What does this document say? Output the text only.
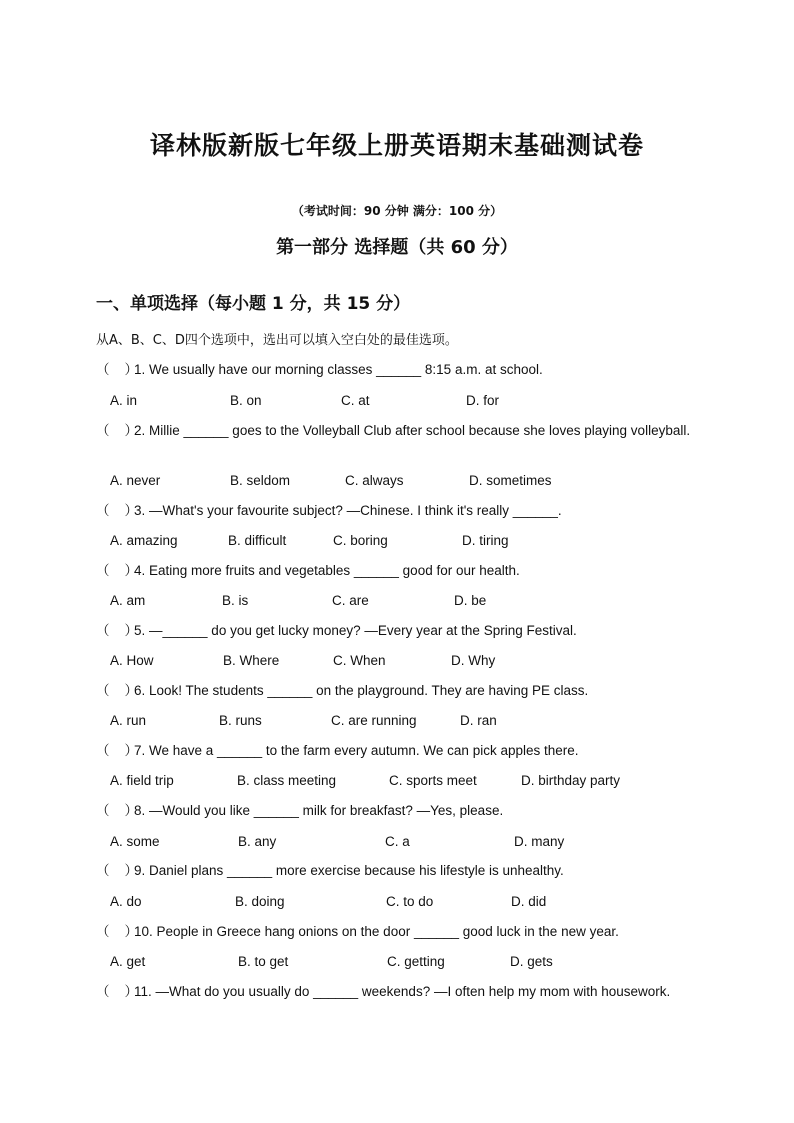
译林版新版七年级上册英语期末基础测试卷
（考试时间：90 分钟 满分：100 分）
第一部分 选择题（共 60 分）
一、单项选择（每小题 1 分，共 15 分）
从A、B、C、D四个选项中，选出可以填入空白处的最佳选项。
（    ）1. We usually have our morning classes ______ 8:15 a.m. at school.
A. in	B. on	C. at	D. for
（    ）2. Millie ______ goes to the Volleyball Club after school because she loves playing volleyball.
A. never	B. seldom	C. always	D. sometimes
（    ）3. —What's your favourite subject? —Chinese. I think it's really ______.
A. amazing	B. difficult	C. boring	D. tiring
（    ）4. Eating more fruits and vegetables ______ good for our health.
A. am	B. is	C. are	D. be
（    ）5. —______ do you get lucky money? —Every year at the Spring Festival.
A. How	B. Where	C. When	D. Why
（    ）6. Look! The students ______ on the playground. They are having PE class.
A. run	B. runs	C. are running	D. ran
（    ）7. We have a ______ to the farm every autumn. We can pick apples there.
A. field trip	B. class meeting	C. sports meet	D. birthday party
（    ）8. —Would you like ______ milk for breakfast? —Yes, please.
A. some	B. any	C. a	D. many
（    ）9. Daniel plans ______ more exercise because his lifestyle is unhealthy.
A. do	B. doing	C. to do	D. did
（    ）10. People in Greece hang onions on the door ______ good luck in the new year.
A. get	B. to get	C. getting	D. gets
（    ）11. —What do you usually do ______ weekends? —I often help my mom with housework.
